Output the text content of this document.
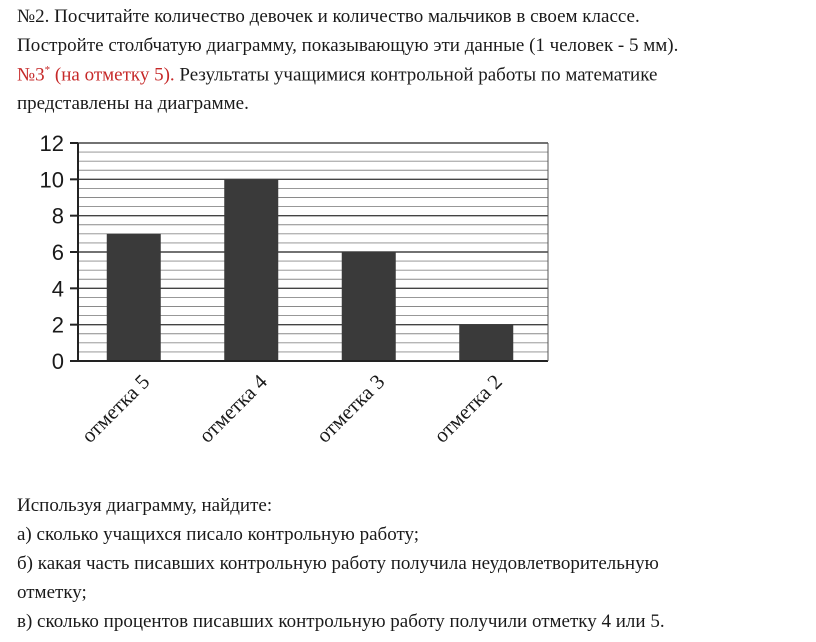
№2. Посчитайте количество девочек и количество мальчиков в своем классе.
Постройте столбчатую диаграмму, показывающую эти данные (1 человек - 5 мм).
№3* (на отметку 5). Результаты учащимися контрольной работы по математике
представлены на диаграмме.
0
2
4
6
8
10
12
отметка 5 отметка 4 отметка 3 отметка 2
Используя диаграмму, найдите:
а) сколько учащихся писало контрольную работу;
б) какая часть писавших контрольную работу получила неудовлетворительную
отметку;
в) сколько процентов писавших контрольную работу получили отметку 4 или 5.
